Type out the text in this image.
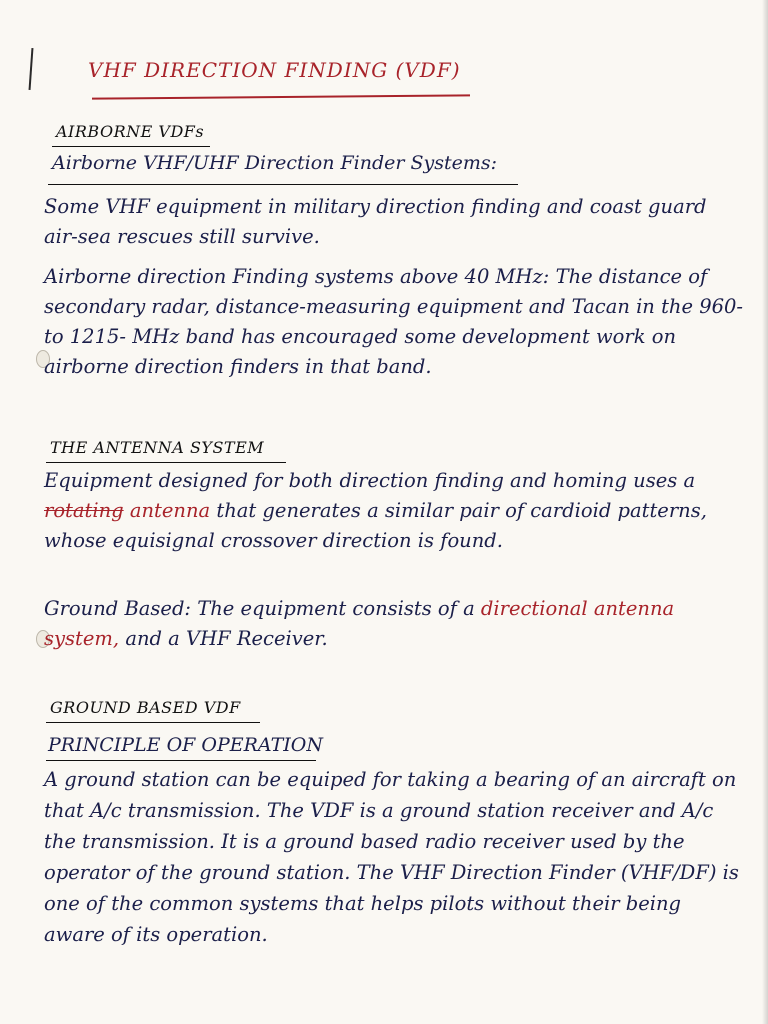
VHF DIRECTION FINDING (VDF)
AIRBORNE VDFs
Airborne VHF/UHF Direction Finder Systems:
Some VHF equipment in military direction finding and coast guard air-sea rescues still survive.
Airborne direction Finding systems above 40 MHz: The distance of secondary radar, distance-measuring equipment and Tacan in the 960- to 1215- MHz band has encouraged some development work on airborne direction finders in that band.
THE ANTENNA SYSTEM
Equipment designed for both direction finding and homing uses a rotating antenna that generates a similar pair of cardioid patterns, whose equisignal crossover direction is found.
Ground Based: The equipment consists of a directional antenna system, and a VHF Receiver.
GROUND BASED VDF
PRINCIPLE OF OPERATION
A ground station can be equiped for taking a bearing of an aircraft on that A/c transmission. The VDF is a ground station receiver and A/c the transmission. It is a ground based radio receiver used by the operator of the ground station. The VHF Direction Finder (VHF/DF) is one of the common systems that helps pilots without their being aware of its operation.
